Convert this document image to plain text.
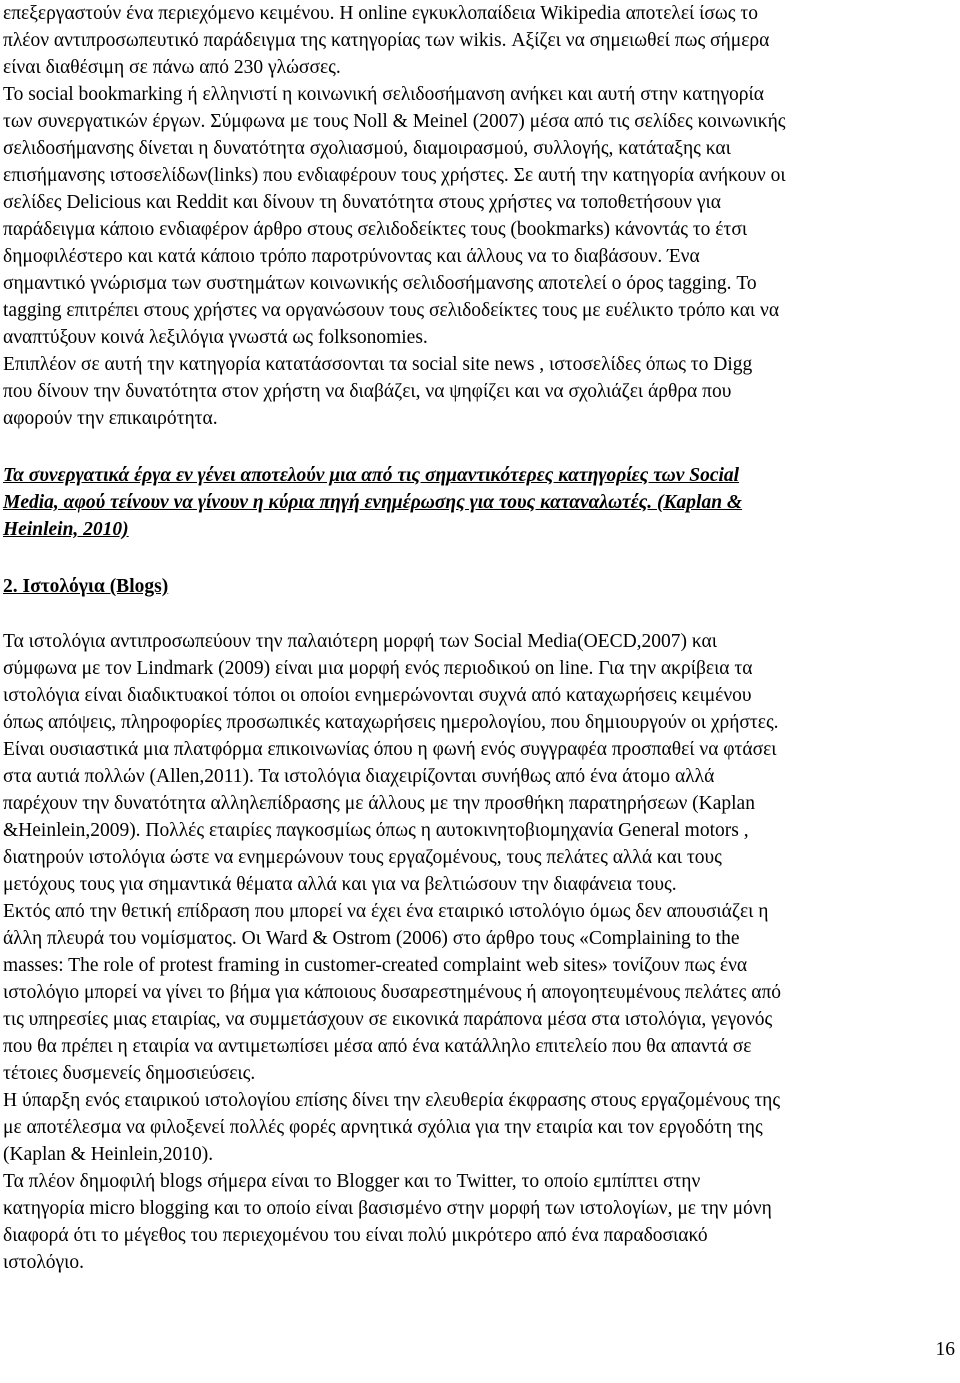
επεξεργαστούν ένα περιεχόμενο κειμένου. Η online εγκυκλοπαίδεια Wikipedia αποτελεί ίσως το
πλέον αντιπροσωπευτικό παράδειγμα της κατηγορίας των wikis. Αξίζει να σημειωθεί πως σήμερα
είναι διαθέσιμη σε πάνω από 230 γλώσσες.
Το social bookmarking ή ελληνιστί η κοινωνική σελιδοσήμανση ανήκει και αυτή στην κατηγορία
των συνεργατικών έργων. Σύμφωνα με τους Noll & Meinel (2007) μέσα από τις σελίδες κοινωνικής
σελιδοσήμανσης δίνεται η δυνατότητα σχολιασμού, διαμοιρασμού, συλλογής, κατάταξης και
επισήμανσης ιστοσελίδων(links) που ενδιαφέρουν τους χρήστες. Σε αυτή την κατηγορία ανήκουν οι
σελίδες Delicious και Reddit και δίνουν τη δυνατότητα στους χρήστες να τοποθετήσουν για
παράδειγμα κάποιο ενδιαφέρον άρθρο στους σελιδοδείκτες τους (bookmarks) κάνοντάς το έτσι
δημοφιλέστερο και κατά κάποιο τρόπο παροτρύνοντας και άλλους να το διαβάσουν. Ένα
σημαντικό γνώρισμα των συστημάτων κοινωνικής σελιδοσήμανσης αποτελεί ο όρος tagging. Το
tagging επιτρέπει στους χρήστες να οργανώσουν τους σελιδοδείκτες τους με ευέλικτο τρόπο και να
αναπτύξουν κοινά λεξιλόγια γνωστά ως folksonomies.
Επιπλέον σε αυτή την κατηγορία κατατάσσονται τα social site news , ιστοσελίδες όπως το Digg
που δίνουν την δυνατότητα στον χρήστη να διαβάζει, να ψηφίζει και να σχολιάζει άρθρα που
αφορούν την επικαιρότητα.
Τα συνεργατικά έργα εν γένει αποτελούν μια από τις σημαντικότερες κατηγορίες των Social
Media, αφού τείνουν να γίνουν η κύρια πηγή ενημέρωσης για τους καταναλωτές. (Kaplan &
Heinlein, 2010)
2. Ιστολόγια (Blogs)
Τα ιστολόγια αντιπροσωπεύουν την παλαιότερη μορφή των Social Media(OECD,2007) και
σύμφωνα με τον Lindmark (2009) είναι μια μορφή ενός περιοδικού on line. Για την ακρίβεια τα
ιστολόγια είναι διαδικτυακοί τόποι οι οποίοι ενημερώνονται συχνά από καταχωρήσεις κειμένου
όπως απόψεις, πληροφορίες προσωπικές καταχωρήσεις ημερολογίου, που δημιουργούν οι χρήστες.
Είναι ουσιαστικά μια πλατφόρμα επικοινωνίας όπου η φωνή ενός συγγραφέα προσπαθεί να φτάσει
στα αυτιά πολλών (Allen,2011). Τα ιστολόγια διαχειρίζονται συνήθως από ένα άτομο αλλά
παρέχουν την δυνατότητα αλληλεπίδρασης με άλλους με την προσθήκη παρατηρήσεων (Kaplan
&Heinlein,2009). Πολλές εταιρίες παγκοσμίως όπως η αυτοκινητοβιομηχανία General motors ,
διατηρούν ιστολόγια ώστε να ενημερώνουν τους εργαζομένους, τους πελάτες αλλά και τους
μετόχους τους για σημαντικά θέματα αλλά και για να βελτιώσουν την διαφάνεια τους.
Εκτός από την θετική επίδραση που μπορεί να έχει ένα εταιρικό ιστολόγιο όμως δεν απουσιάζει η
άλλη πλευρά του νομίσματος. Οι Ward & Ostrom (2006) στο άρθρο τους «Complaining to the
masses: The role of protest framing in customer-created complaint web sites» τονίζουν πως ένα
ιστολόγιο μπορεί να γίνει το βήμα για κάποιους δυσαρεστημένους ή απογοητευμένους πελάτες από
τις υπηρεσίες μιας εταιρίας, να συμμετάσχουν σε εικονικά παράπονα μέσα στα ιστολόγια, γεγονός
που θα πρέπει η εταιρία να αντιμετωπίσει μέσα από ένα κατάλληλο επιτελείο που θα απαντά σε
τέτοιες δυσμενείς δημοσιεύσεις.
Η ύπαρξη ενός εταιρικού ιστολογίου επίσης δίνει την ελευθερία έκφρασης στους εργαζομένους της
με αποτέλεσμα να φιλοξενεί πολλές φορές αρνητικά σχόλια για την εταιρία και τον εργοδότη της
(Kaplan & Heinlein,2010).
Τα πλέον δημοφιλή blogs σήμερα είναι το Blogger και το Twitter, το οποίο εμπίπτει στην
κατηγορία micro blogging και το οποίο είναι βασισμένο στην μορφή των ιστολογίων, με την μόνη
διαφορά ότι το μέγεθος του περιεχομένου του είναι πολύ μικρότερο από ένα παραδοσιακό
ιστολόγιο.
16
